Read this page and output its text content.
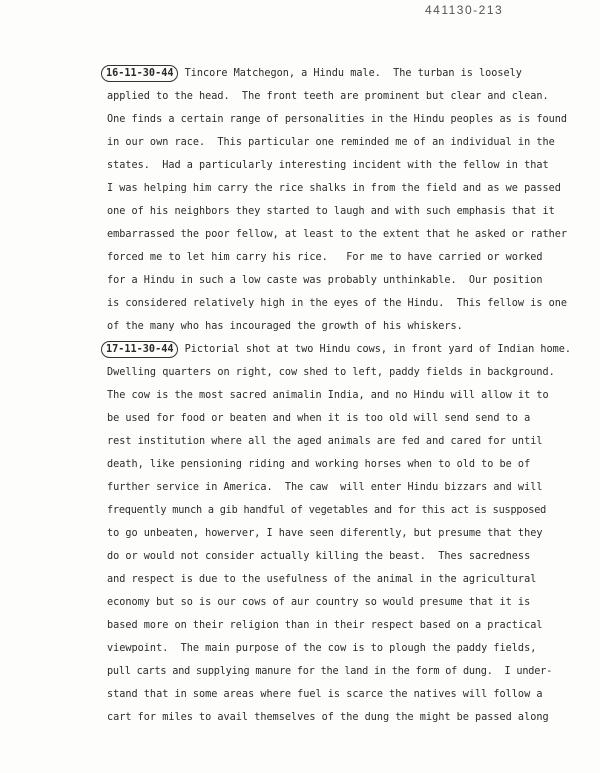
441130-213
16-11-30-44 Tincore Matchegon, a Hindu male.  The turban is loosely
applied to the head.  The front teeth are prominent but clear and clean.
One finds a certain range of personalities in the Hindu peoples as is found
in our own race.  This particular one reminded me of an individual in the
states.  Had a particularly interesting incident with the fellow in that
I was helping him carry the rice shalks in from the field and as we passed
one of his neighbors they started to laugh and with such emphasis that it
embarrassed the poor fellow, at least to the extent that he asked or rather
forced me to let him carry his rice.   For me to have carried or worked
for a Hindu in such a low caste was probably unthinkable.  Our position
is considered relatively high in the eyes of the Hindu.  This fellow is one
of the many who has incouraged the growth of his whiskers.
17-11-30-44 Pictorial shot at two Hindu cows, in front yard of Indian home.
Dwelling quarters on right, cow shed to left, paddy fields in background.
The cow is the most sacred animalin India, and no Hindu will allow it to
be used for food or beaten and when it is too old will send send to a
rest institution where all the aged animals are fed and cared for until
death, like pensioning riding and working horses when to old to be of
further service in America.  The caw  will enter Hindu bizzars and will
frequently munch a gib handful of vegetables and for this act is suspposed
to go unbeaten, howerver, I have seen diferently, but presume that they
do or would not consider actually killing the beast.  Thes sacredness
and respect is due to the usefulness of the animal in the agricultural
economy but so is our cows of aur country so would presume that it is
based more on their religion than in their respect based on a practical
viewpoint.  The main purpose of the cow is to plough the paddy fields,
pull carts and supplying manure for the land in the form of dung.  I under-
stand that in some areas where fuel is scarce the natives will follow a
cart for miles to avail themselves of the dung the might be passed along
